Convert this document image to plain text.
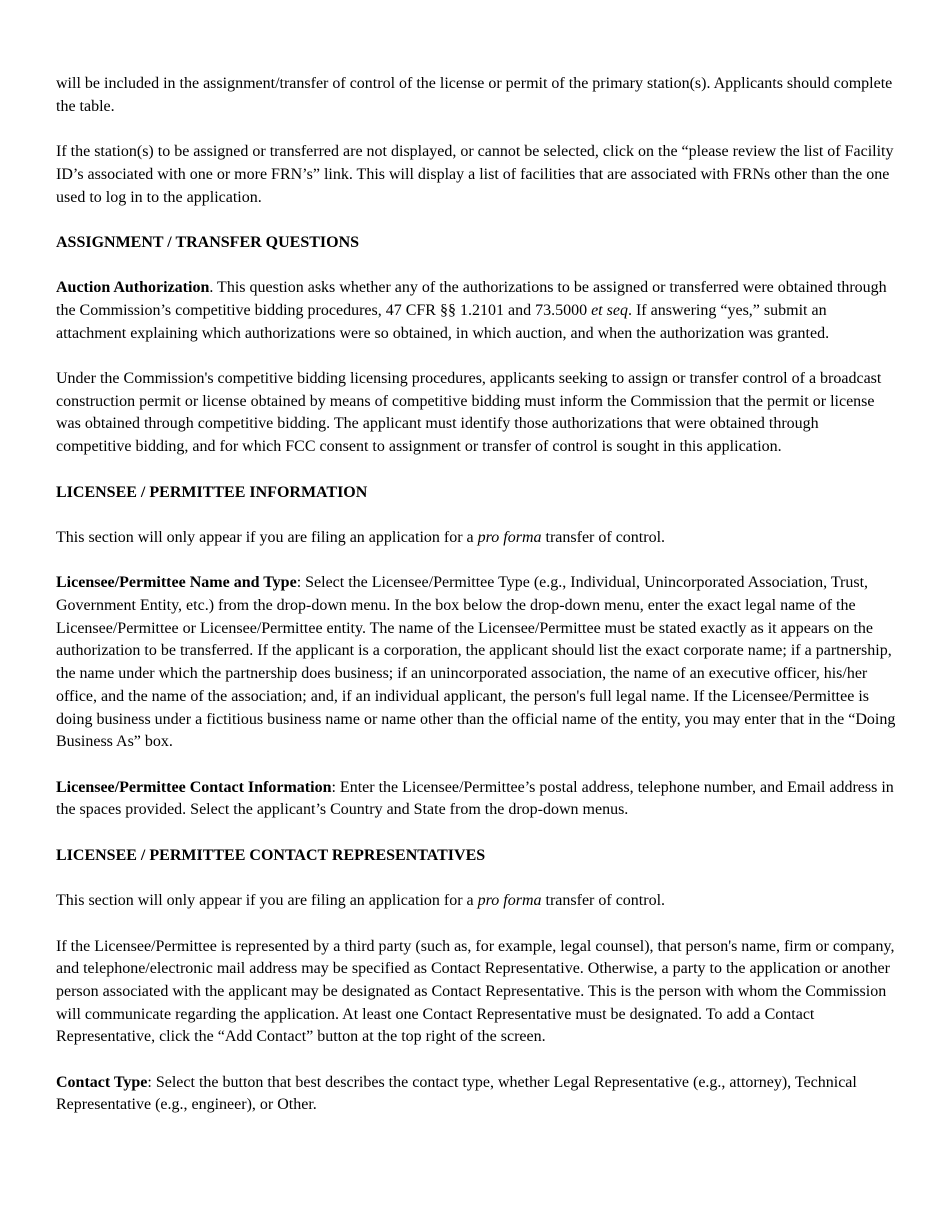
will be included in the assignment/transfer of control of the license or permit of the primary station(s). Applicants should complete the table.

If the station(s) to be assigned or transferred are not displayed, or cannot be selected, click on the “please review the list of Facility ID’s associated with one or more FRN’s” link. This will display a list of facilities that are associated with FRNs other than the one used to log in to the application.

ASSIGNMENT / TRANSFER QUESTIONS

Auction Authorization. This question asks whether any of the authorizations to be assigned or transferred were obtained through the Commission’s competitive bidding procedures, 47 CFR §§ 1.2101 and 73.5000 et seq. If answering “yes,” submit an attachment explaining which authorizations were so obtained, in which auction, and when the authorization was granted.

Under the Commission's competitive bidding licensing procedures, applicants seeking to assign or transfer control of a broadcast construction permit or license obtained by means of competitive bidding must inform the Commission that the permit or license was obtained through competitive bidding. The applicant must identify those authorizations that were obtained through competitive bidding, and for which FCC consent to assignment or transfer of control is sought in this application.

LICENSEE / PERMITTEE INFORMATION

This section will only appear if you are filing an application for a pro forma transfer of control.

Licensee/Permittee Name and Type: Select the Licensee/Permittee Type (e.g., Individual, Unincorporated Association, Trust, Government Entity, etc.) from the drop-down menu. In the box below the drop-down menu, enter the exact legal name of the Licensee/Permittee or Licensee/Permittee entity. The name of the Licensee/Permittee must be stated exactly as it appears on the authorization to be transferred. If the applicant is a corporation, the applicant should list the exact corporate name; if a partnership, the name under which the partnership does business; if an unincorporated association, the name of an executive officer, his/her office, and the name of the association; and, if an individual applicant, the person's full legal name. If the Licensee/Permittee is doing business under a fictitious business name or name other than the official name of the entity, you may enter that in the “Doing Business As” box.

Licensee/Permittee Contact Information: Enter the Licensee/Permittee’s postal address, telephone number, and Email address in the spaces provided. Select the applicant’s Country and State from the drop-down menus.

LICENSEE / PERMITTEE CONTACT REPRESENTATIVES

This section will only appear if you are filing an application for a pro forma transfer of control.

If the Licensee/Permittee is represented by a third party (such as, for example, legal counsel), that person's name, firm or company, and telephone/electronic mail address may be specified as Contact Representative. Otherwise, a party to the application or another person associated with the applicant may be designated as Contact Representative. This is the person with whom the Commission will communicate regarding the application. At least one Contact Representative must be designated. To add a Contact Representative, click the “Add Contact” button at the top right of the screen.

Contact Type: Select the button that best describes the contact type, whether Legal Representative (e.g., attorney), Technical Representative (e.g., engineer), or Other.
